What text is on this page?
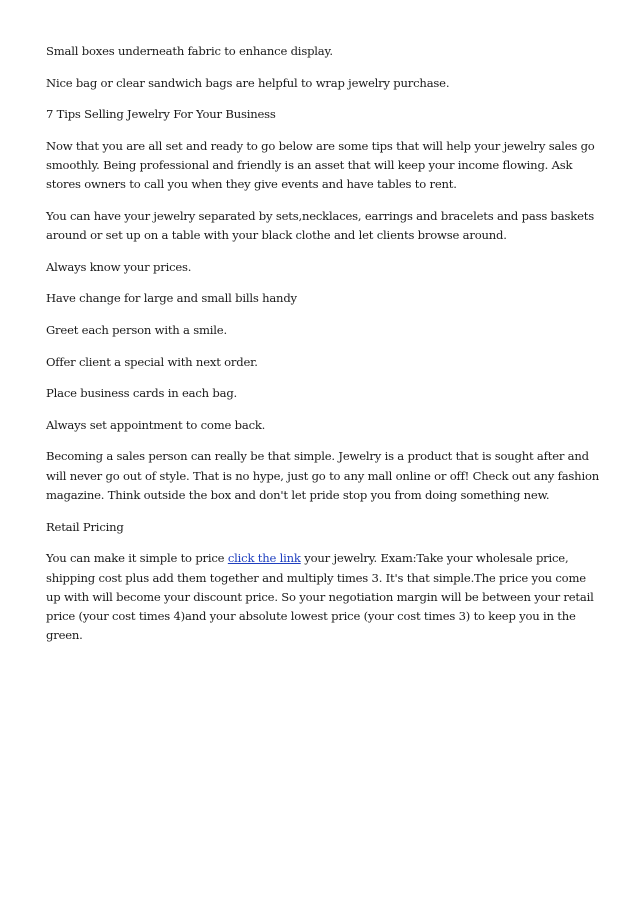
Small boxes underneath fabric to enhance display.

Nice bag or clear sandwich bags are helpful to wrap jewelry purchase.

7 Tips Selling Jewelry For Your Business

Now that you are all set and ready to go below are some tips that will help your jewelry sales go smoothly. Being professional and friendly is an asset that will keep your income flowing. Ask stores owners to call you when they give events and have tables to rent.

You can have your jewelry separated by sets,necklaces, earrings and bracelets and pass baskets around or set up on a table with your black clothe and let clients browse around.

Always know your prices.

Have change for large and small bills handy

Greet each person with a smile.

Offer client a special with next order.

Place business cards in each bag.

Always set appointment to come back.

Becoming a sales person can really be that simple. Jewelry is a product that is sought after and will never go out of style. That is no hype, just go to any mall online or off! Check out any fashion magazine. Think outside the box and don't let pride stop you from doing something new.

Retail Pricing

You can make it simple to price click the link your jewelry. Exam:Take your wholesale price, shipping cost plus add them together and multiply times 3. It's that simple.The price you come up with will become your discount price. So your negotiation margin will be between your retail price (your cost times 4)and your absolute lowest price (your cost times 3) to keep you in the green.
